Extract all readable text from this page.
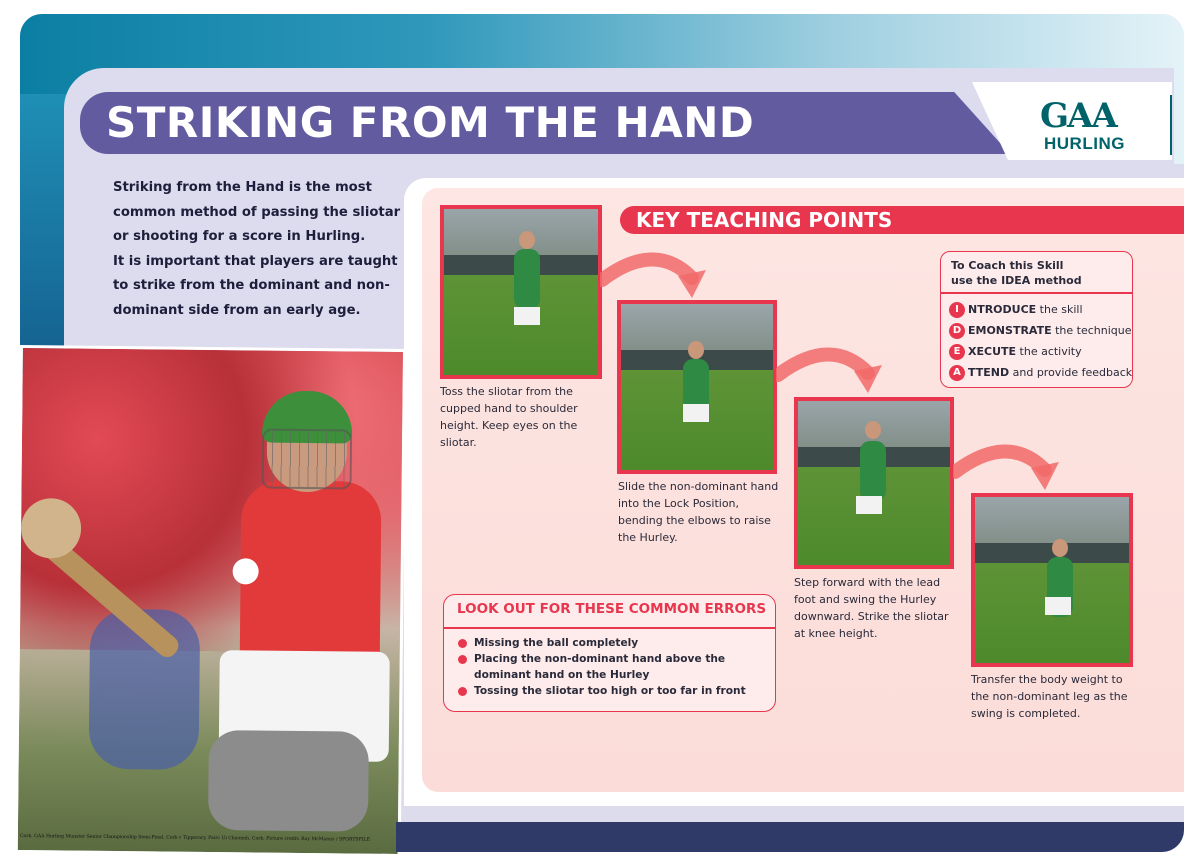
STRIKING FROM THE HAND	GAA
HURLING

Striking from the Hand is the most common method of passing the sliotar or shooting for a score in Hurling.

It is important that players are taught to strike from the dominant and non-dominant side from an early age.

Cork. GAA Hurling Munster Senior Championship Semi-Final, Cork v Tipperary, Pairc Ui Chaoimh, Cork. Picture credit: Ray McManus / SPORTSFILE
KEY TEACHING POINTS
Toss the sliotar from the cupped hand to shoulder height. Keep eyes on the sliotar.
Slide the non-dominant hand into the Lock Position, bending the elbows to raise the Hurley.
Step forward with the lead foot and swing the Hurley downward. Strike the sliotar at knee height.
Transfer the body weight to the non-dominant leg as the swing is completed.
To Coach this Skill
use the IDEA method
I NTRODUCE the skill
D EMONSTRATE the technique
E XECUTE the activity
A TTEND and provide feedback
LOOK OUT FOR THESE COMMON ERRORS
Missing the ball completely
Placing the non-dominant hand above the dominant hand on the Hurley
Tossing the sliotar too high or too far in front
